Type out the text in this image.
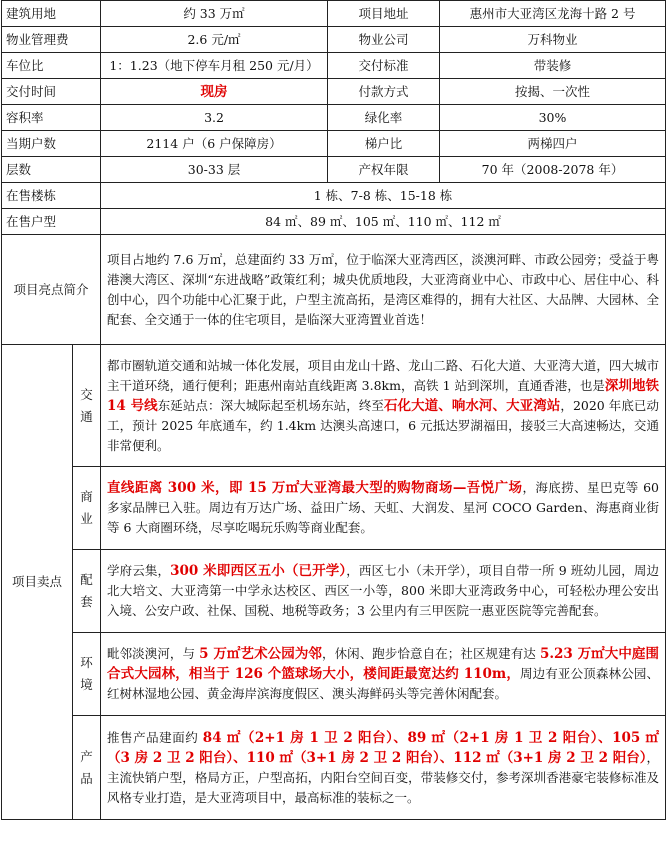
建筑用地		约 33 万㎡	项目地址	惠州市大亚湾区龙海十路 2 号
物业管理费		2.6 元/㎡	物业公司	万科物业
车位比		1：1.23（地下停车月租 250 元/月）	交付标准	带装修
交付时间		现房	付款方式	按揭、一次性
容积率		3.2	绿化率	30%
当期户数		2114 户（6 户保障房）	梯户比	两梯四户
层数		30-33 层	产权年限	70 年（2008-2078 年）
在售楼栋		1 栋、7-8 栋、15-18 栋		
在售户型		84 ㎡、89 ㎡、105 ㎡、110 ㎡、112 ㎡		
项目亮点简介		项目占地约 7.6 万㎡，总建面约 33 万㎡，位于临深大亚湾西区，淡澳河畔、市政公园旁；受益于粤港澳大湾区、深圳“东进战略”政策红利；城央优质地段，大亚湾商业中心、市政中心、居住中心、科创中心，四个功能中心汇聚于此，户型主流高拓，是湾区难得的，拥有大社区、大品牌、大园林、全配套、全交通于一体的住宅项目，是临深大亚湾置业首选！		
项目卖点	交通	都市圈轨道交通和站城一体化发展，项目由龙山十路、龙山二路、石化大道、大亚湾大道，四大城市主干道环绕，通行便利；距惠州南站直线距离 3.8km，高铁 1 站到深圳，直通香港，也是深圳地铁 14 号线东延站点：深大城际起至机场东站，终至石化大道、响水河、大亚湾站，2020 年底已动工，预计 2025 年底通车，约 1.4km 达澳头高速口，6 元抵达罗湖福田，接驳三大高速畅达，交通非常便利。		
	商业	直线距离 300 米，即 15 万㎡大亚湾最大型的购物商场—吾悦广场，海底捞、星巴克等 60 多家品牌已入驻。周边有万达广场、益田广场、天虹、大润发、星河 COCO Garden、海惠商业街等 6 大商圈环绕，尽享吃喝玩乐购等商业配套。		
	配套	学府云集，300 米即西区五小（已开学），西区七小（未开学），项目自带一所 9 班幼儿园，周边北大培文、大亚湾第一中学永达校区、西区一小等，800 米即大亚湾政务中心，可轻松办理公安出入境、公安户政、社保、国税、地税等政务；3 公里内有三甲医院一惠亚医院等完善配套。		
	环境	毗邻淡澳河，与 5 万㎡艺术公园为邻，休闲、跑步恰意自在；社区规建有达 5.23 万㎡大中庭围合式大园林，相当于 126 个篮球场大小，楼间距最宽达约 110m，周边有亚公顶森林公园、红树林湿地公园、黄金海岸滨海度假区、澳头海鲜码头等完善休闲配套。		
	产品	推售产品建面约 84 ㎡（2+1 房 1 卫 2 阳台）、89 ㎡（2+1 房 1 卫 2 阳台）、105 ㎡（3 房 2 卫 2 阳台）、110 ㎡（3+1 房 2 卫 2 阳台）、112 ㎡（3+1 房 2 卫 2 阳台），主流快销户型，格局方正，户型高拓，内阳台空间百变，带装修交付，参考深圳香港豪宅装修标准及风格专业打造，是大亚湾项目中，最高标准的装标之一。		
